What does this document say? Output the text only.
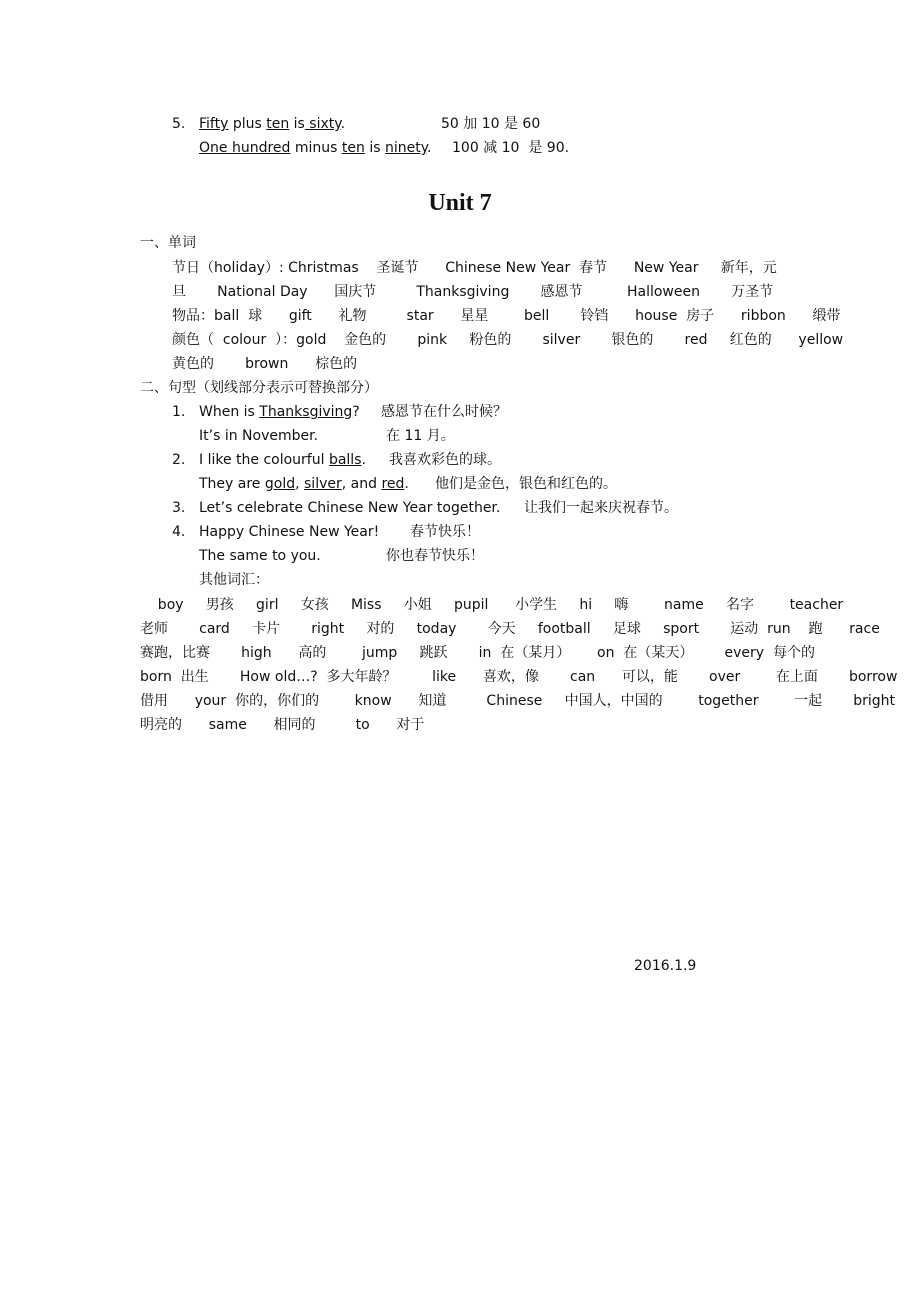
5. Fifty plus ten is sixty.	50 加 10 是 60
One hundred minus ten is ninety. 100 减 10  是 90.
Unit 7
一、单词
节日（holiday）: Christmas    圣诞节      Chinese New Year  春节      New Year     新年，元
旦       National Day      国庆节         Thanksgiving       感恩节          Halloween       万圣节
物品：ball  球      gift      礼物         star      星星        bell       铃铛      house  房子      ribbon      缎带
颜色（  colour  ）：gold    金色的       pink     粉色的       silver       银色的       red     红色的      yellow
黄色的       brown      棕色的
二、句型（划线部分表示可替换部分）
1. When is Thanksgiving? 感恩节在什么时候？
It’s in November.	在 11 月。
2. I like the colourful balls. 我喜欢彩色的球。
They are gold, silver, and red. 他们是金色，银色和红色的。
3. Let’s celebrate Chinese New Year together. 让我们一起来庆祝春节。
4. Happy Chinese New Year! 春节快乐！
The same to you.	你也春节快乐！
其他词汇：
boy     男孩     girl     女孩     Miss     小姐     pupil      小学生     hi     嗨        name     名字        teacher
老师       card     卡片       right     对的     today       今天     football     足球     sport       运动  run    跑      race
赛跑，比赛       high      高的        jump     跳跃       in  在（某月）      on  在（某天）       every  每个的
born  出生       How old…?  多大年龄？        like      喜欢，像       can      可以，能       over        在上面       borrow
借用      your  你的，你们的        know      知道         Chinese     中国人，中国的        together        一起       bright
明亮的      same      相同的         to      对于
2016.1.9
